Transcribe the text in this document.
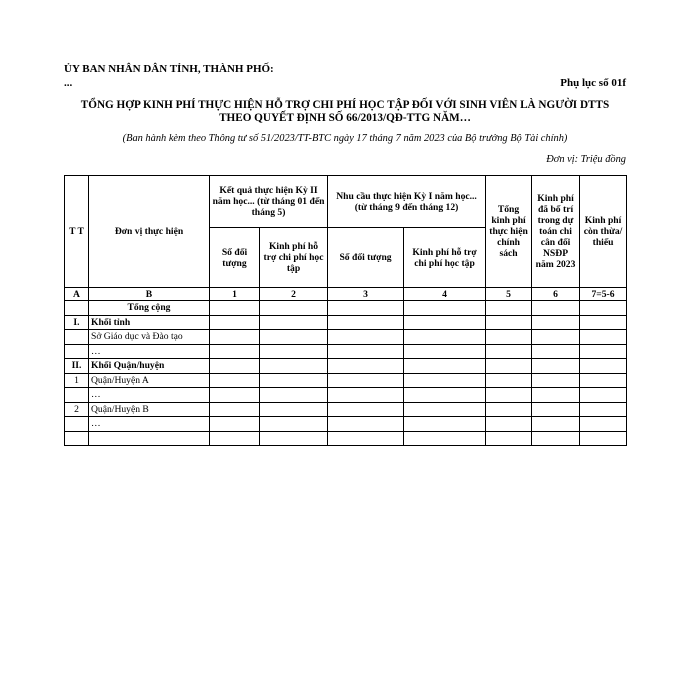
ỦY BAN NHÂN DÂN TỈNH, THÀNH PHỐ:
...	Phụ lục số 01f
TỔNG HỢP KINH PHÍ THỰC HIỆN HỖ TRỢ CHI PHÍ HỌC TẬP ĐỐI VỚI SINH VIÊN LÀ NGƯỜI DTTS
THEO QUYẾT ĐỊNH SỐ 66/2013/QĐ-TTG NĂM…
(Ban hành kèm theo Thông tư số 51/2023/TT-BTC ngày 17 tháng 7 năm 2023 của Bộ trưởng Bộ Tài chính)
Đơn vị: Triệu đồng
T T	Đơn vị thực hiện	Kết quả thực hiện Kỳ II năm học... (từ tháng 01 đến tháng 5)		Nhu cầu thực hiện Kỳ I năm học... (từ tháng 9 đến tháng 12)		Tổng kinh phí thực hiện chính sách	Kinh phí đã bố trí trong dự toán chi cân đối NSĐP năm 2023	Kinh phí còn thừa/ thiếu
		Số đối tượng	Kinh phí hỗ trợ chi phí học tập	Số đối tượng	Kinh phí hỗ trợ chi phí học tập			
A	B	1	2	3	4	5	6	7=5-6
	Tổng cộng							
I.	Khối tỉnh							
	Sở Giáo dục và Đào tạo							
	…							
II.	Khối Quận/huyện							
1	Quận/Huyện A							
	…							
2	Quận/Huyện B							
	…							
